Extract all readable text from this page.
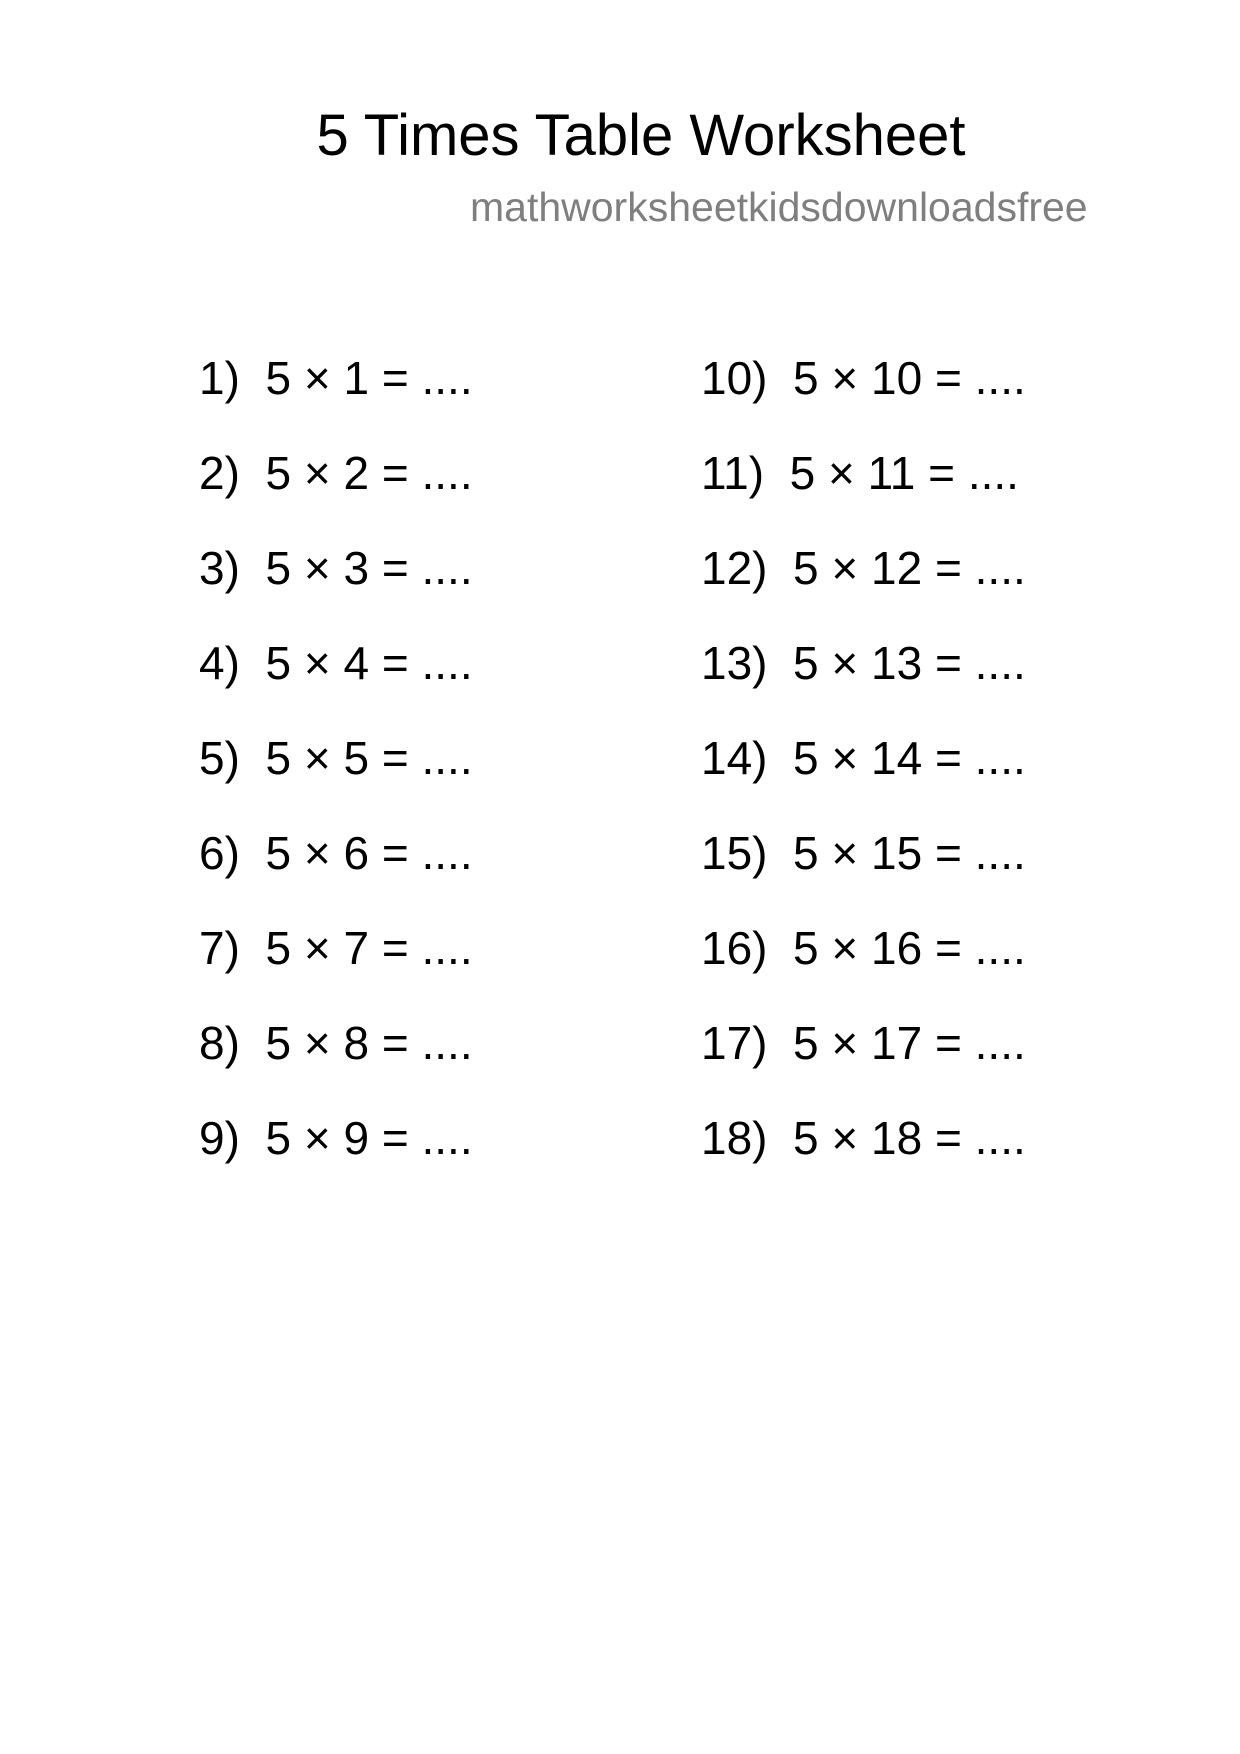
5 Times Table Worksheet
mathworksheetkidsdownloadsfree
1)  5 × 1 = ....
2)  5 × 2 = ....
3)  5 × 3 = ....
4)  5 × 4 = ....
5)  5 × 5 = ....
6)  5 × 6 = ....
7)  5 × 7 = ....
8)  5 × 8 = ....
9)  5 × 9 = ....
10)  5 × 10 = ....
11)  5 × 11 = ....
12)  5 × 12 = ....
13)  5 × 13 = ....
14)  5 × 14 = ....
15)  5 × 15 = ....
16)  5 × 16 = ....
17)  5 × 17 = ....
18)  5 × 18 = ....
